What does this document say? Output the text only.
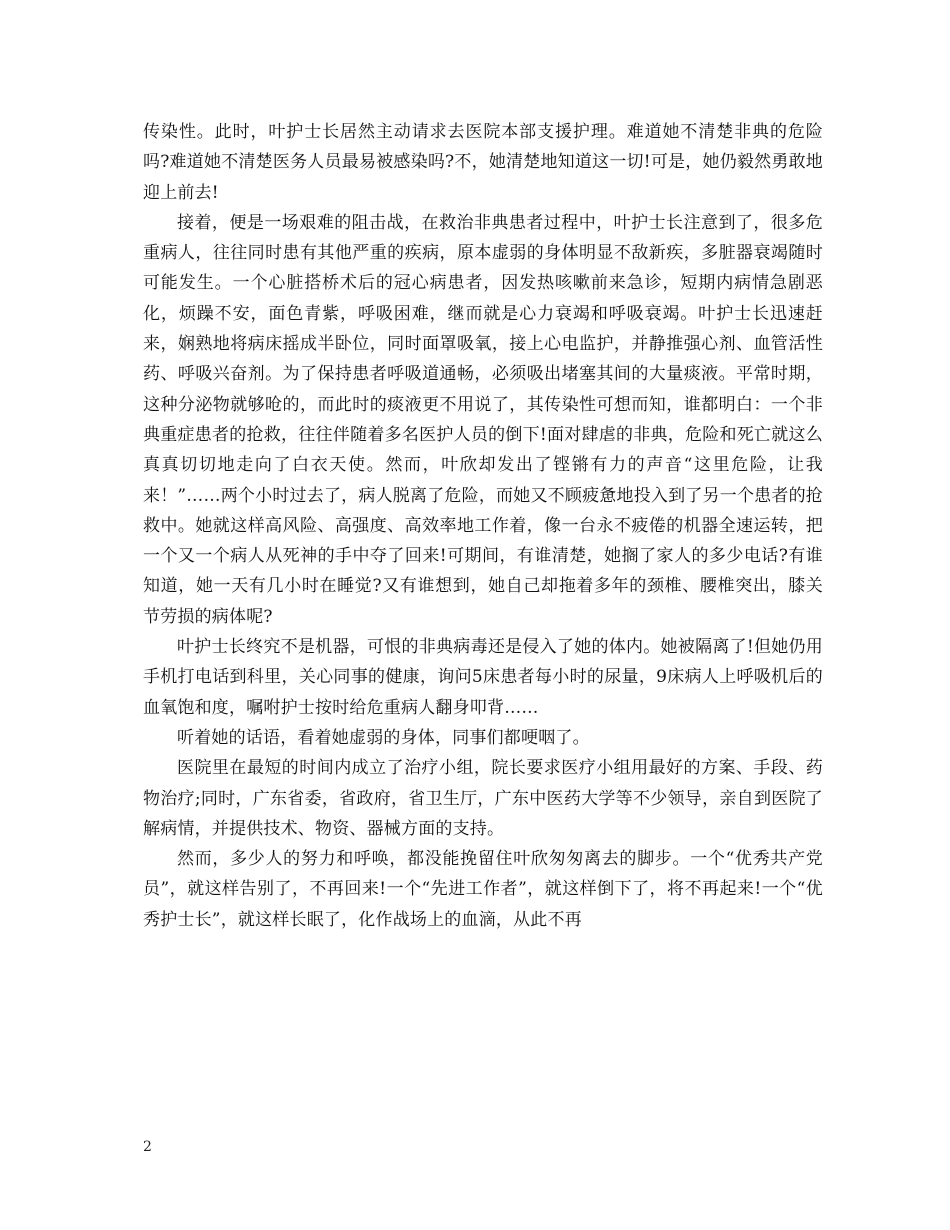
传染性。此时，叶护士长居然主动请求去医院本部支援护理。难道她不清楚非典的危险吗?难道她不清楚医务人员最易被感染吗?不，她清楚地知道这一切!可是，她仍毅然勇敢地迎上前去!

接着，便是一场艰难的阻击战，在救治非典患者过程中，叶护士长注意到了，很多危重病人，往往同时患有其他严重的疾病，原本虚弱的身体明显不敌新疾，多脏器衰竭随时可能发生。一个心脏搭桥术后的冠心病患者，因发热咳嗽前来急诊，短期内病情急剧恶化，烦躁不安，面色青紫，呼吸困难，继而就是心力衰竭和呼吸衰竭。叶护士长迅速赶来，娴熟地将病床摇成半卧位，同时面罩吸氧，接上心电监护，并静推强心剂、血管活性药、呼吸兴奋剂。为了保持患者呼吸道通畅，必须吸出堵塞其间的大量痰液。平常时期，这种分泌物就够呛的，而此时的痰液更不用说了，其传染性可想而知，谁都明白：一个非典重症患者的抢救，往往伴随着多名医护人员的倒下!面对肆虐的非典，危险和死亡就这么真真切切地走向了白衣天使。然而，叶欣却发出了铿锵有力的声音“这里危险，让我来！”……两个小时过去了，病人脱离了危险，而她又不顾疲惫地投入到了另一个患者的抢救中。她就这样高风险、高强度、高效率地工作着，像一台永不疲倦的机器全速运转，把一个又一个病人从死神的手中夺了回来!可期间，有谁清楚，她搁了家人的多少电话?有谁知道，她一天有几小时在睡觉?又有谁想到，她自己却拖着多年的颈椎、腰椎突出，膝关节劳损的病体呢?

叶护士长终究不是机器，可恨的非典病毒还是侵入了她的体内。她被隔离了!但她仍用手机打电话到科里，关心同事的健康，询问5床患者每小时的尿量，9床病人上呼吸机后的血氧饱和度，嘱咐护士按时给危重病人翻身叩背……

听着她的话语，看着她虚弱的身体，同事们都哽咽了。

医院里在最短的时间内成立了治疗小组，院长要求医疗小组用最好的方案、手段、药物治疗;同时，广东省委，省政府，省卫生厅，广东中医药大学等不少领导，亲自到医院了解病情，并提供技术、物资、器械方面的支持。

然而，多少人的努力和呼唤，都没能挽留住叶欣匆匆离去的脚步。一个“优秀共产党员”，就这样告别了，不再回来!一个“先进工作者”，就这样倒下了，将不再起来!一个“优秀护士长”，就这样长眠了，化作战场上的血滴，从此不再

2
